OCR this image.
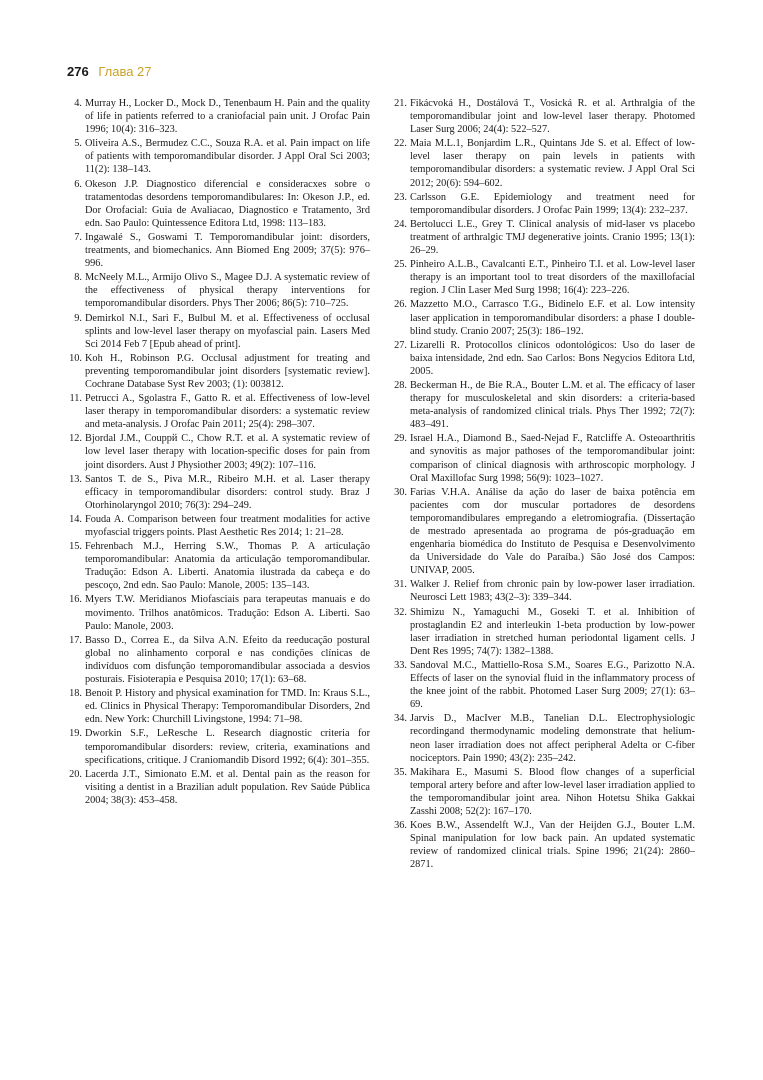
276 Глава 27
4. Murray H., Locker D., Mock D., Tenenbaum H. Pain and the quality of life in patients referred to a craniofacial pain unit. J Orofac Pain 1996; 10(4): 316–323.
5. Oliveira A.S., Bermudez C.C., Souza R.A. et al. Pain impact on life of patients with temporomandibular disorder. J Appl Oral Sci 2003; 11(2): 138–143.
6. Okeson J.P. Diagnostico diferencial e consideracxes sobre o tratamentodas desordens temporomandibulares: In: Okeson J.P., ed. Dor Orofacial: Guia de Avaliacao, Diagnostico e Tratamento, 3rd edn. Sao Paulo: Quintessence Editora Ltd, 1998: 113–183.
7. Ingawalé S., Goswami T. Temporomandibular joint: disorders, treatments, and biomechanics. Ann Biomed Eng 2009; 37(5): 976–996.
8. McNeely M.L., Armijo Olivo S., Magee D.J. A systematic review of the effectiveness of physical therapy interventions for temporomandibular disorders. Phys Ther 2006; 86(5): 710–725.
9. Demirkol N.I., Sari F., Bulbul M. et al. Effectiveness of occlusal splints and low-level laser therapy on myofascial pain. Lasers Med Sci 2014 Feb 7 [Epub ahead of print].
10. Koh H., Robinson P.G. Occlusal adjustment for treating and preventing temporomandibular joint disorders [systematic review]. Cochrane Database Syst Rev 2003; (1): 003812.
11. Petrucci A., Sgolastra F., Gatto R. et al. Effectiveness of low-level laser therapy in temporomandibular disorders: a systematic review and meta-analysis. J Orofac Pain 2011; 25(4): 298–307.
12. Bjordal J.M., Couppй C., Chow R.T. et al. A systematic review of low level laser therapy with location-specific doses for pain from joint disorders. Aust J Physiother 2003; 49(2): 107–116.
13. Santos T. de S., Piva M.R., Ribeiro M.H. et al. Laser therapy efficacy in temporomandibular disorders: control study. Braz J Otorhinolaryngol 2010; 76(3): 294–249.
14. Fouda A. Comparison between four treatment modalities for active myofascial triggers points. Plast Aesthetic Res 2014; 1: 21–28.
15. Fehrenbach M.J., Herring S.W., Thomas P. A articulação temporomandibular: Anatomia da articulação temporomandibular. Tradução: Edson A. Liberti. Anatomia ilustrada da cabeça e do pescoço, 2nd edn. Sao Paulo: Manole, 2005: 135–143.
16. Myers T.W. Meridianos Miofasciais para terapeutas manuais e do movimento. Trilhos anatômicos. Tradução: Edson A. Liberti. Sao Paulo: Manole, 2003.
17. Basso D., Correa E., da Silva A.N. Efeito da reeducação postural global no alinhamento corporal e nas condições clínicas de indivíduos com disfunção temporomandibular associada a desvios posturais. Fisioterapia e Pesquisa 2010; 17(1): 63–68.
18. Benoit P. History and physical examination for TMD. In: Kraus S.L., ed. Clinics in Physical Therapy: Temporomandibular Disorders, 2nd edn. New York: Churchill Livingstone, 1994: 71–98.
19. Dworkin S.F., LeResche L. Research diagnostic criteria for temporomandibular disorders: review, criteria, examinations and specifications, critique. J Craniomandib Disord 1992; 6(4): 301–355.
20. Lacerda J.T., Simionato E.M. et al. Dental pain as the reason for visiting a dentist in a Brazilian adult population. Rev Saúde Pública 2004; 38(3): 453–458.
21. Fikácvoká H., Dostálová T., Vosická R. et al. Arthralgia of the temporomandibular joint and low-level laser therapy. Photomed Laser Surg 2006; 24(4): 522–527.
22. Maia M.L.1, Bonjardim L.R., Quintans Jde S. et al. Effect of low-level laser therapy on pain levels in patients with temporomandibular disorders: a systematic review. J Appl Oral Sci 2012; 20(6): 594–602.
23. Carlsson G.E. Epidemiology and treatment need for temporomandibular disorders. J Orofac Pain 1999; 13(4): 232–237.
24. Bertolucci L.E., Grey T. Clinical analysis of mid-laser vs placebo treatment of arthralgic TMJ degenerative joints. Cranio 1995; 13(1): 26–29.
25. Pinheiro A.L.B., Cavalcanti E.T., Pinheiro T.I. et al. Low-level laser therapy is an important tool to treat disorders of the maxillofacial region. J Clin Laser Med Surg 1998; 16(4): 223–226.
26. Mazzetto M.O., Carrasco T.G., Bidinelo E.F. et al. Low intensity laser application in temporomandibular disorders: a phase I double-blind study. Cranio 2007; 25(3): 186–192.
27. Lizarelli R. Protocollos clínicos odontológicos: Uso do laser de baixa intensidade, 2nd edn. Sao Carlos: Bons Negycios Editora Ltd, 2005.
28. Beckerman H., de Bie R.A., Bouter L.M. et al. The efficacy of laser therapy for musculoskeletal and skin disorders: a criteria-based meta-analysis of randomized clinical trials. Phys Ther 1992; 72(7): 483–491.
29. Israel H.A., Diamond B., Saed-Nejad F., Ratcliffe A. Osteoarthritis and synovitis as major pathoses of the temporomandibular joint: comparison of clinical diagnosis with arthroscopic morphology. J Oral Maxillofac Surg 1998; 56(9): 1023–1027.
30. Farias V.H.A. Análise da açăo do laser de baixa potência em pacientes com dor muscular portadores de desordens temporomandibulares empregando a eletromiografia. (Dissertação de mestrado apresentada ao programa de pós-graduação em engenharia biomédica do Instituto de Pesquisa e Desenvolvimento da Universidade do Vale do Paraíba.) São José dos Campos: UNIVAP, 2005.
31. Walker J. Relief from chronic pain by low-power laser irradiation. Neurosci Lett 1983; 43(2–3): 339–344.
32. Shimizu N., Yamaguchi M., Goseki T. et al. Inhibition of prostaglandin E2 and interleukin 1-beta production by low-power laser irradiation in stretched human periodontal ligament cells. J Dent Res 1995; 74(7): 1382–1388.
33. Sandoval M.C., Mattiello-Rosa S.M., Soares E.G., Parizotto N.A. Effects of laser on the synovial fluid in the inflammatory process of the knee joint of the rabbit. Photomed Laser Surg 2009; 27(1): 63–69.
34. Jarvis D., MacIver M.B., Tanelian D.L. Electrophysiologic recordingand thermodynamic modeling demonstrate that helium-neon laser irradiation does not affect peripheral Adelta or C-fiber nociceptors. Pain 1990; 43(2): 235–242.
35. Makihara E., Masumi S. Blood flow changes of a superficial temporal artery before and after low-level laser irradiation applied to the temporomandibular joint area. Nihon Hotetsu Shika Gakkai Zasshi 2008; 52(2): 167–170.
36. Koes B.W., Assendelft W.J., Van der Heijden G.J., Bouter L.M. Spinal manipulation for low back pain. An updated systematic review of randomized clinical trials. Spine 1996; 21(24): 2860–2871.
